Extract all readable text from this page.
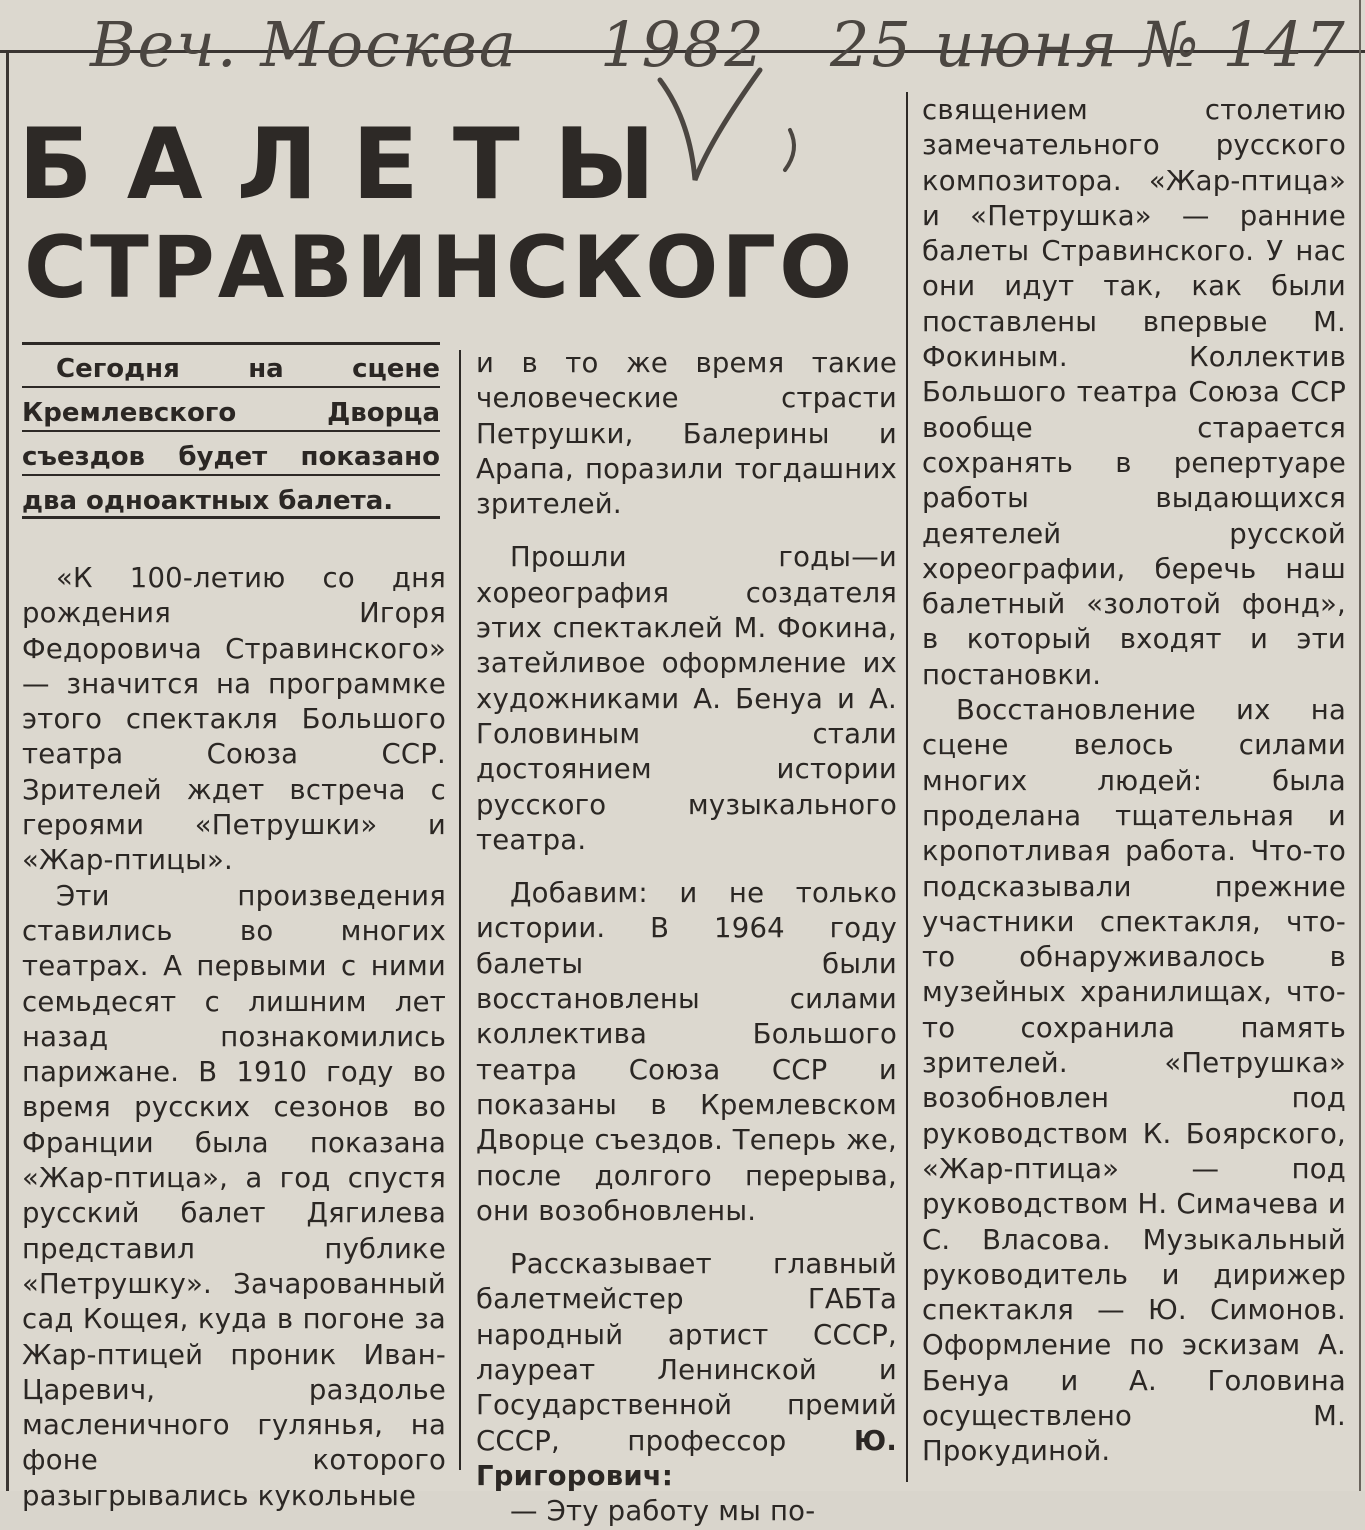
Веч. Москва 1982 25 июня № 147
БАЛЕТЫ
СТРАВИНСКОГО

Сегодня на сцене Кремлевского Дворца съездов будет показано два одноактных балета.

«К 100-летию со дня рождения Игоря Федоровича Стравинского» — значится на программке этого спектакля Большого театра Союза ССР. Зрителей ждет встреча с героями «Петрушки» и «Жар-птицы».

Эти произведения ставились во многих театрах. А первыми с ними семьдесят с лишним лет назад познакомились парижане. В 1910 году во время русских сезонов во Франции была показана «Жар-птица», а год спустя русский балет Дягилева представил публике «Петрушку». Зачарованный сад Кощея, куда в погоне за Жар-птицей проник Иван-Царевич, раздолье масленичного гулянья, на фоне которого разыгрывались кукольные

и в то же время такие человеческие страсти Петрушки, Балерины и Арапа, поразили тогдашних зрителей.

Прошли годы—и хореография создателя этих спектаклей М. Фокина, затейливое оформление их художниками А. Бенуа и А. Головиным стали достоянием истории русского музыкального театра.

Добавим: и не только истории. В 1964 году балеты были восстановлены силами коллектива Большого театра Союза ССР и показаны в Кремлевском Дворце съездов. Теперь же, после долгого перерыва, они возобновлены.

Рассказывает главный балетмейстер ГАБТа народный артист СССР, лауреат Ленинской и Государственной премий СССР, профессор Ю. Григорович:

— Эту работу мы по-

священием столетию замечательного русского композитора. «Жар-птица» и «Петрушка» — ранние балеты Стравинского. У нас они идут так, как были поставлены впервые М. Фокиным. Коллектив Большого театра Союза ССР вообще старается сохранять в репертуаре работы выдающихся деятелей русской хореографии, беречь наш балетный «золотой фонд», в который входят и эти постановки.

Восстановление их на сцене велось силами многих людей: была проделана тщательная и кропотливая работа. Что-то подсказывали прежние участники спектакля, что-то обнаруживалось в музейных хранилищах, что-то сохранила память зрителей. «Петрушка» возобновлен под руководством К. Боярского, «Жар-птица» — под руководством Н. Симачева и С. Власова. Музыкальный руководитель и дирижер спектакля — Ю. Симонов. Оформление по эскизам А. Бенуа и А. Головина осуществлено М. Прокудиной.
